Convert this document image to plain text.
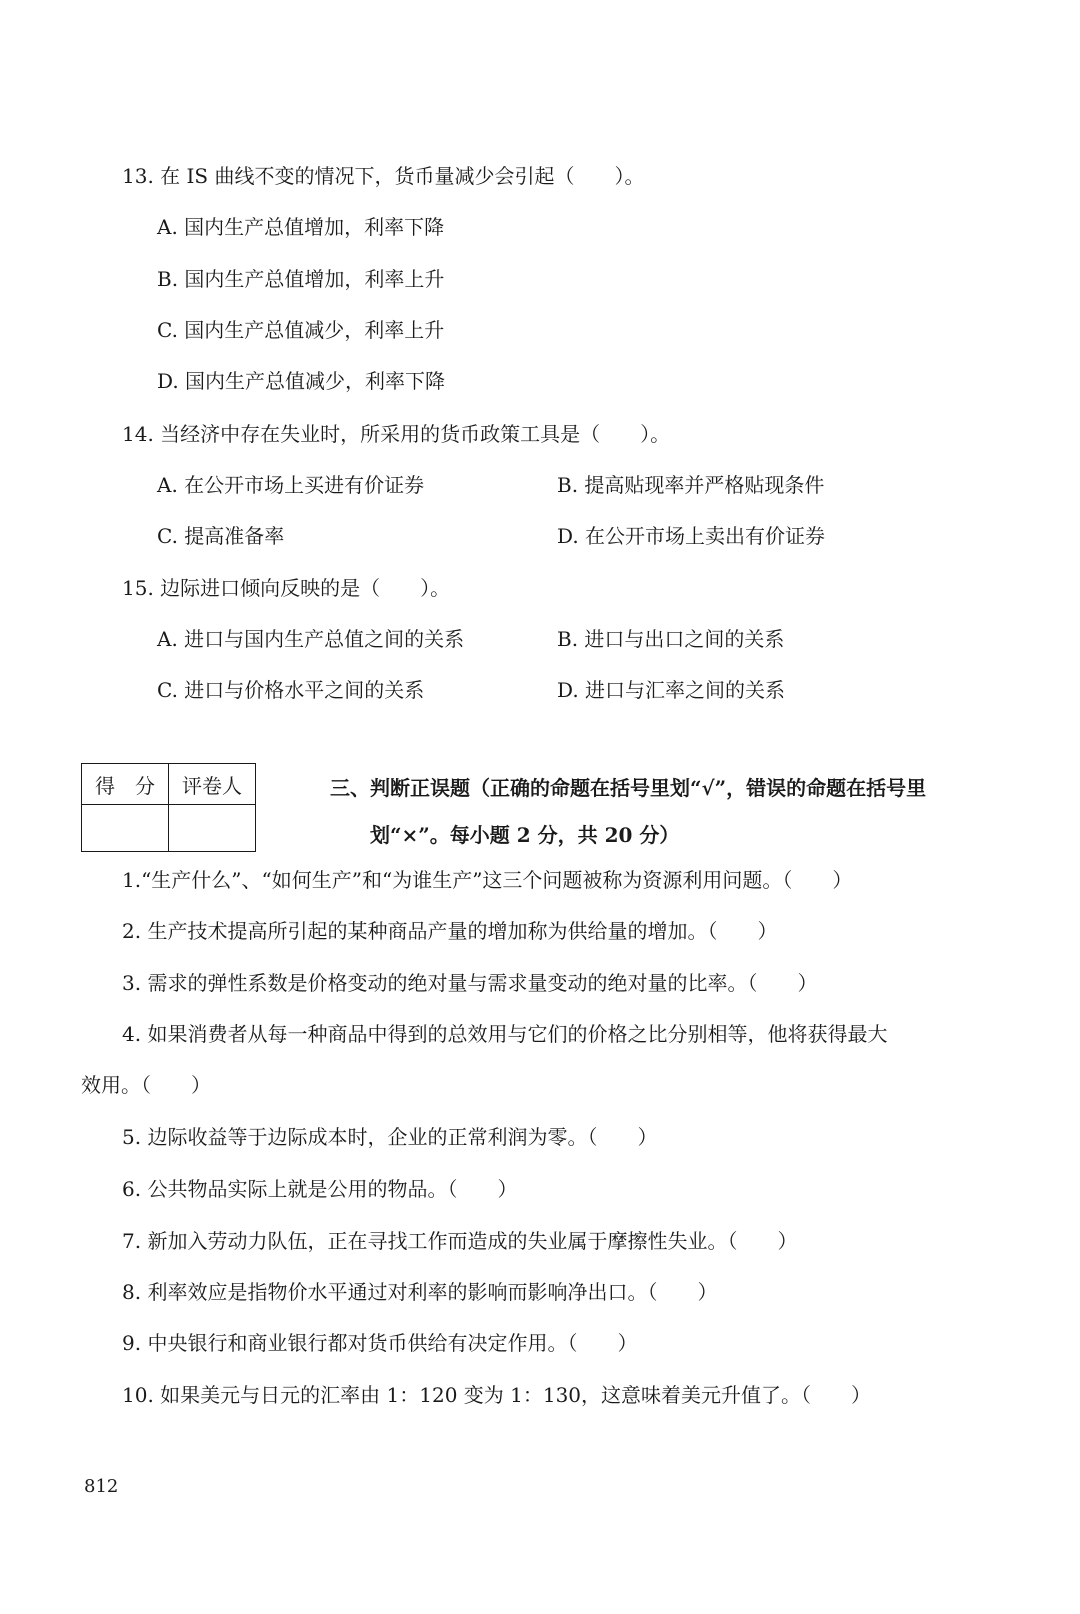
13. 在 IS 曲线不变的情况下，货币量减少会引起（　　）。
A. 国内生产总值增加，利率下降
B. 国内生产总值增加，利率上升
C. 国内生产总值减少，利率上升
D. 国内生产总值减少，利率下降
14. 当经济中存在失业时，所采用的货币政策工具是（　　）。
A. 在公开市场上买进有价证券	B. 提高贴现率并严格贴现条件
C. 提高准备率	D. 在公开市场上卖出有价证券
15. 边际进口倾向反映的是（　　）。
A. 进口与国内生产总值之间的关系	B. 进口与出口之间的关系
C. 进口与价格水平之间的关系	D. 进口与汇率之间的关系
得　分	评卷人
		三、判断正误题（正确的命题在括号里划“√”，错误的命题在括号里
划“×”。每小题 2 分，共 20 分）
1.“生产什么”、“如何生产”和“为谁生产”这三个问题被称为资源利用问题。（　　）
2. 生产技术提高所引起的某种商品产量的增加称为供给量的增加。（　　）
3. 需求的弹性系数是价格变动的绝对量与需求量变动的绝对量的比率。（　　）
4. 如果消费者从每一种商品中得到的总效用与它们的价格之比分别相等，他将获得最大
效用。（　　）
5. 边际收益等于边际成本时，企业的正常利润为零。（　　）
6. 公共物品实际上就是公用的物品。（　　）
7. 新加入劳动力队伍，正在寻找工作而造成的失业属于摩擦性失业。（　　）
8. 利率效应是指物价水平通过对利率的影响而影响净出口。（　　）
9. 中央银行和商业银行都对货币供给有决定作用。（　　）
10. 如果美元与日元的汇率由 1：120 变为 1：130，这意味着美元升值了。（　　）
812
